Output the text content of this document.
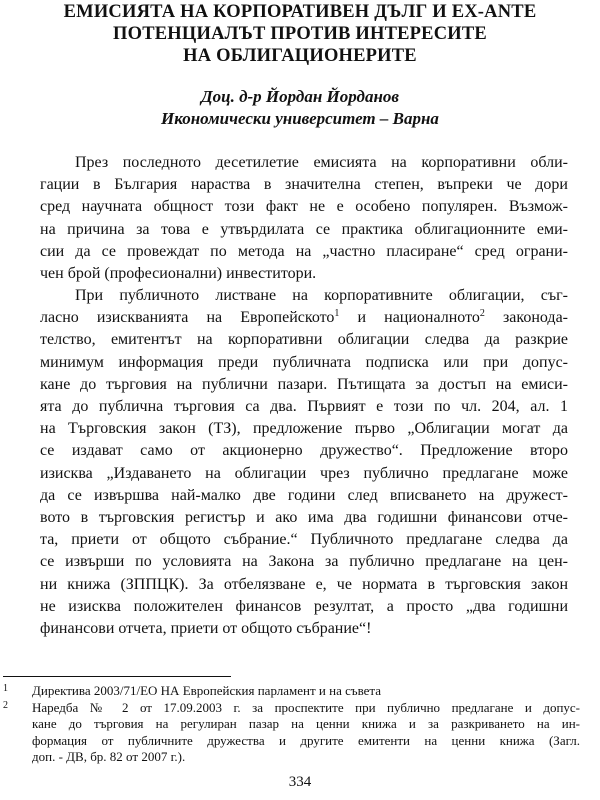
ЕМИСИЯТА НА КОРПОРАТИВЕН ДЪЛГ И EX-ANTE
ПОТЕНЦИАЛЪТ ПРОТИВ ИНТЕРЕСИТЕ
НА ОБЛИГАЦИОНЕРИТЕ

Доц. д-р Йордан Йорданов

Икономически университет – Варна

През последното десетилетие емисията на корпоративни обли-
гации в България нараства в значителна степен, въпреки че дори
сред научната общност този факт не е особено популярен. Възмож-
на причина за това е утвърдилата се практика облигационните еми-
сии да се провеждат по метода на „частно пласиране“ сред ограни-
чен брой (професионални) инвеститори.
При публичното листване на корпоративните облигации, съг-
ласно изискванията на Европейското$^1$ и националното$^2$ законода-
телство, емитентът на корпоративни облигации следва да разкрие
минимум информация преди публичната подписка или при допус-
кане до търговия на публични пазари. Пътищата за достъп на емиси-
ята до публична търговия са два. Първият е този по чл. 204, ал. 1
на Търговския закон (ТЗ), предложение първо „Облигации могат да
се издават само от акционерно дружество“. Предложение второ
изисква „Издаването на облигации чрез публично предлагане може
да се извършва най-малко две години след вписването на дружест-
вото в търговския регистър и ако има два годишни финансови отче-
та, приети от общото събрание.“ Публичното предлагане следва да
се извърши по условията на Закона за публично предлагане на цен-
ни книжа (ЗППЦК). За отбелязване е, че нормата в търговския закон
не изисква положителен финансов резултат, а просто „два годишни
финансови отчета, приети от общото събрание“!
1 Директива 2003/71/ЕО НА Европейския парламент и на съвета
2 Наредба № 2 от 17.09.2003 г. за проспектите при публично предлагане и допус-
кане до търговия на регулиран пазар на ценни книжа и за разкриването на ин-
формация от публичните дружества и другите емитенти на ценни книжа (Загл.
доп. - ДВ, бр. 82 от 2007 г.).
334
